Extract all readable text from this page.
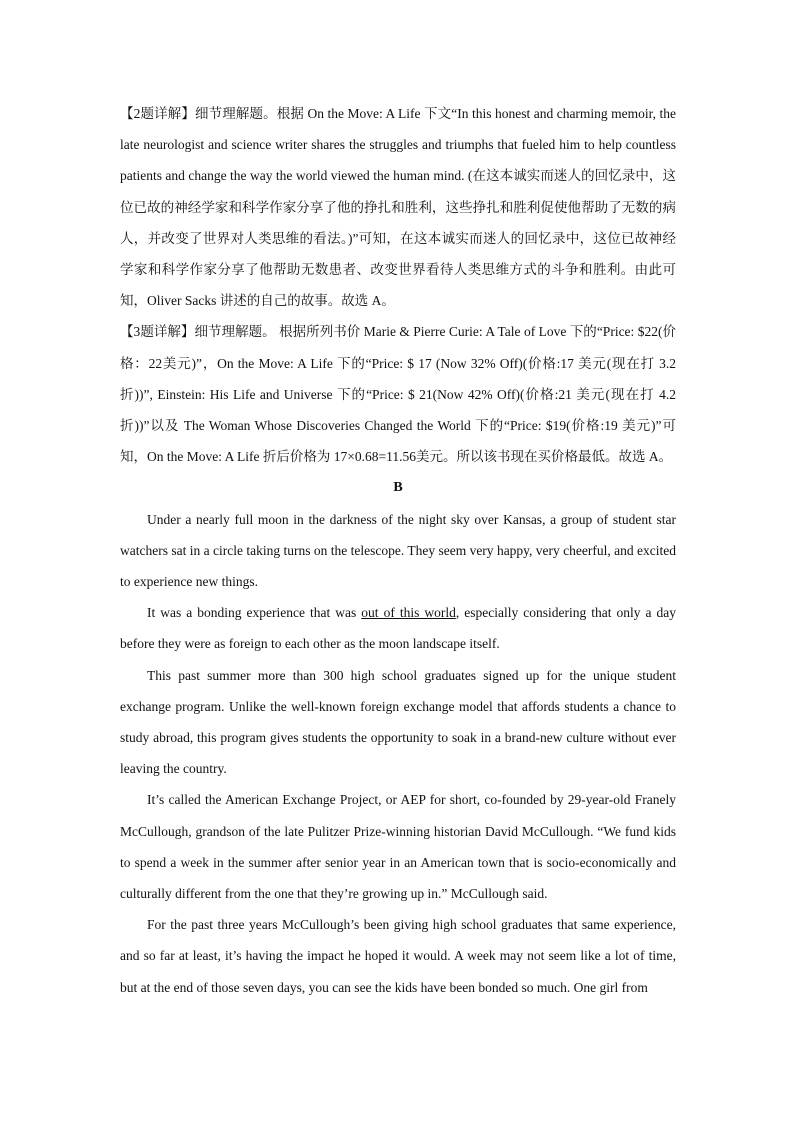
【2题详解】细节理解题。根据 On the Move: A Life 下文“In this honest and charming memoir, the late neurologist and science writer shares the struggles and triumphs that fueled him to help countless patients and change the way the world viewed the human mind. (在这本诚实而迷人的回忆录中，这位已故的神经学家和科学作家分享了他的挣扎和胜利，这些挣扎和胜利促使他帮助了无数的病人，并改变了世界对人类思维的看法。)”可知，在这本诚实而迷人的回忆录中，这位已故神经学家和科学作家分享了他帮助无数患者、改变世界看待人类思维方式的斗争和胜利。由此可知，Oliver Sacks 讲述的自己的故事。故选 A。

【3题详解】细节理解题。 根据所列书价 Marie & Pierre Curie: A Tale of Love 下的“Price: $22(价格：22美元)”，On the Move: A Life 下的“Price: $ 17 (Now 32% Off)(价格:17 美元(现在打 3.2 折))”, Einstein: His Life and Universe 下的“Price: $ 21(Now 42% Off)(价格:21 美元(现在打 4.2 折))”以及 The Woman Whose Discoveries Changed the World 下的“Price: $19(价格:19 美元)”可知，On the Move: A Life 折后价格为 17×0.68=11.56美元。所以该书现在买价格最低。故选 A。

B

Under a nearly full moon in the darkness of the night sky over Kansas, a group of student star watchers sat in a circle taking turns on the telescope. They seem very happy, very cheerful, and excited to experience new things.

It was a bonding experience that was out of this world, especially considering that only a day before they were as foreign to each other as the moon landscape itself.

This past summer more than 300 high school graduates signed up for the unique student exchange program. Unlike the well-known foreign exchange model that affords students a chance to study abroad, this program gives students the opportunity to soak in a brand-new culture without ever leaving the country.

It’s called the American Exchange Project, or AEP for short, co-founded by 29-year-old Franely McCullough, grandson of the late Pulitzer Prize-winning historian David McCullough. “We fund kids to spend a week in the summer after senior year in an American town that is socio-economically and culturally different from the one that they’re growing up in.” McCullough said.

For the past three years McCullough’s been giving high school graduates that same experience, and so far at least, it’s having the impact he hoped it would. A week may not seem like a lot of time, but at the end of those seven days, you can see the kids have been bonded so much. One girl from
